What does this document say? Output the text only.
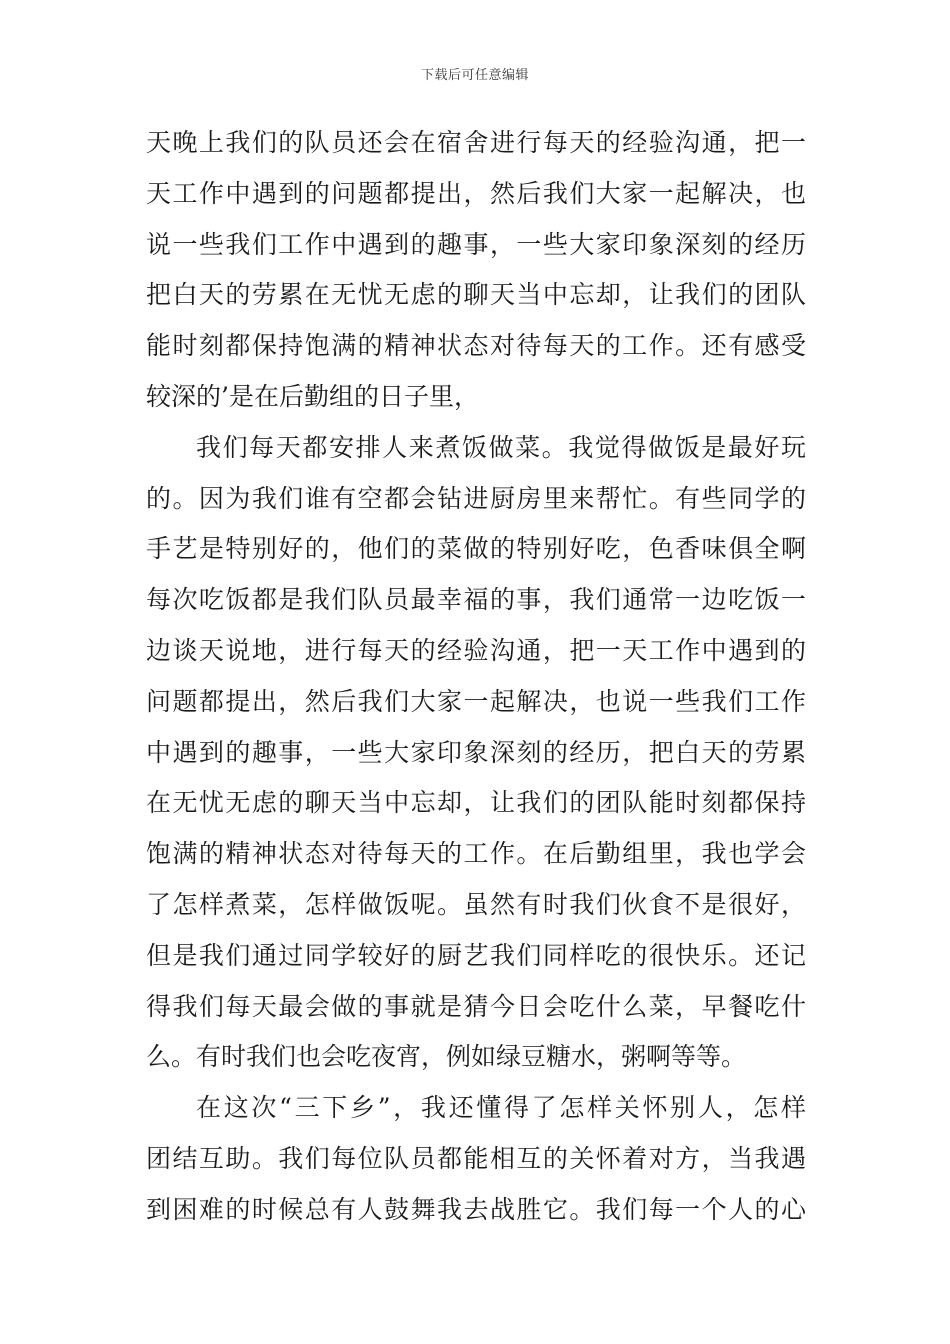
下载后可任意编辑
天晚上我们的队员还会在宿舍进行每天的经验沟通，把一
天工作中遇到的问题都提出，然后我们大家一起解决，也
说一些我们工作中遇到的趣事，一些大家印象深刻的经历
把白天的劳累在无忧无虑的聊天当中忘却，让我们的团队
能时刻都保持饱满的精神状态对待每天的工作。还有感受
较深的’是在后勤组的日子里，
我们每天都安排人来煮饭做菜。我觉得做饭是最好玩
的。因为我们谁有空都会钻进厨房里来帮忙。有些同学的
手艺是特别好的，他们的菜做的特别好吃，色香味俱全啊
每次吃饭都是我们队员最幸福的事，我们通常一边吃饭一
边谈天说地，进行每天的经验沟通，把一天工作中遇到的
问题都提出，然后我们大家一起解决，也说一些我们工作
中遇到的趣事，一些大家印象深刻的经历，把白天的劳累
在无忧无虑的聊天当中忘却，让我们的团队能时刻都保持
饱满的精神状态对待每天的工作。在后勤组里，我也学会
了怎样煮菜，怎样做饭呢。虽然有时我们伙食不是很好，
但是我们通过同学较好的厨艺我们同样吃的很快乐。还记
得我们每天最会做的事就是猜今日会吃什么菜，早餐吃什
么。有时我们也会吃夜宵，例如绿豆糖水，粥啊等等。
在这次“三下乡”，我还懂得了怎样关怀别人，怎样
团结互助。我们每位队员都能相互的关怀着对方，当我遇
到困难的时候总有人鼓舞我去战胜它。我们每一个人的心
